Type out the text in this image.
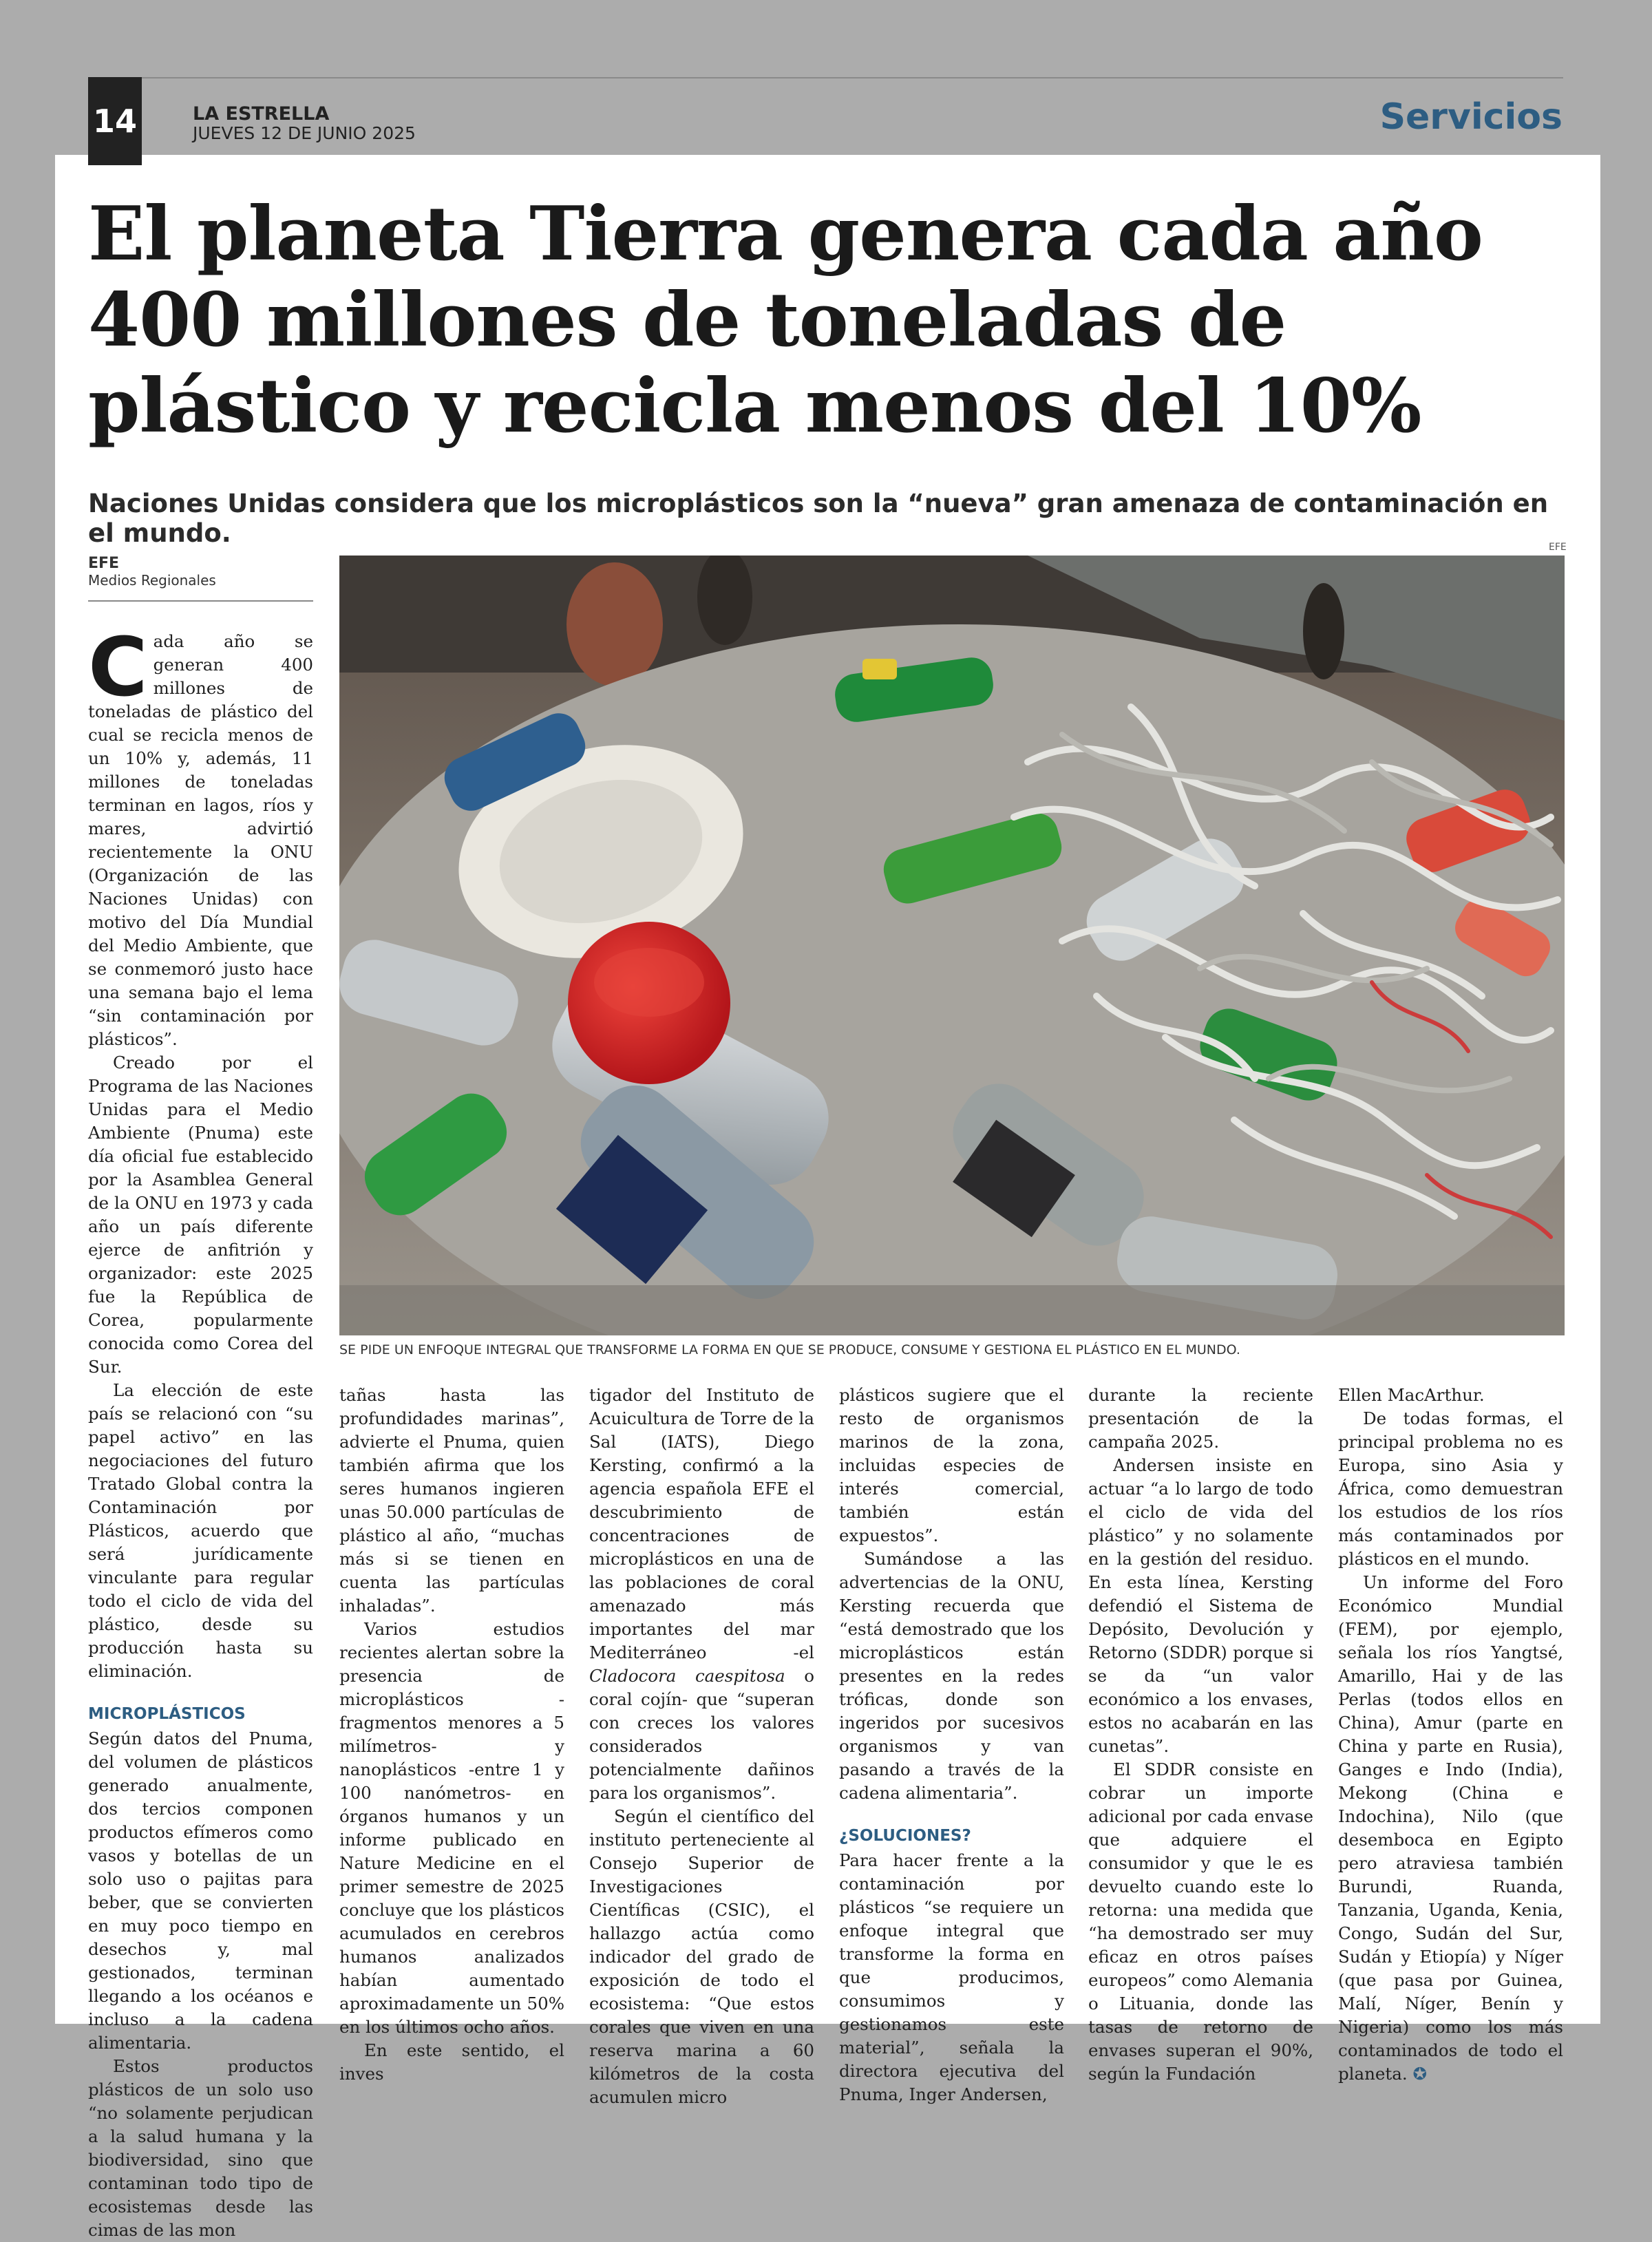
14	LA ESTRELLA
JUEVES 12 DE JUNIO 2025	Servicios
El planeta Tierra genera cada año 400 millones de toneladas de plástico y recicla menos del 10%

Naciones Unidas considera que los microplásticos son la “nueva” gran amenaza de contaminación en el mundo.

EFE
Medios Regionales
EFE

SE PIDE UN ENFOQUE INTEGRAL QUE TRANSFORME LA FORMA EN QUE SE PRODUCE, CONSUME Y GESTIONA EL PLÁSTICO EN EL MUNDO.

Cada año se generan 400 millones de toneladas de plástico del cual se recicla menos de un 10% y, además, 11 millones de toneladas terminan en lagos, ríos y mares, advirtió recientemente la ONU (Organización de las Naciones Unidas) con motivo del Día Mundial del Medio Ambiente, que se conmemoró justo hace una semana bajo el lema “sin contaminación por plásticos”.

Creado por el Programa de las Naciones Unidas para el Medio Ambiente (Pnuma) este día oficial fue establecido por la Asamblea General de la ONU en 1973 y cada año un país diferente ejerce de anfitrión y organizador: este 2025 fue la República de Corea, popularmente conocida como Corea del Sur.

La elección de este país se relacionó con “su papel activo” en las negociaciones del futuro Tratado Global contra la Contaminación por Plásticos, acuerdo que será jurídicamente vinculante para regular todo el ciclo de vida del plástico, desde su producción hasta su eliminación.

MICROPLÁSTICOS

Según datos del Pnuma, del volumen de plásticos generado anualmente, dos tercios componen productos efímeros como vasos y botellas de un solo uso o pajitas para beber, que se convierten en muy poco tiempo en desechos y, mal gestionados, terminan llegando a los océanos e incluso a la cadena alimentaria.

Estos productos plásticos de un solo uso “no solamente perjudican a la salud humana y la biodiversidad, sino que contaminan todo tipo de ecosistemas desde las cimas de las mon

tañas hasta las profundidades marinas”, advierte el Pnuma, quien también afirma que los seres humanos ingieren unas 50.000 partículas de plástico al año, “muchas más si se tienen en cuenta las partículas inhaladas”.

Varios estudios recientes alertan sobre la presencia de microplásticos -fragmentos menores a 5 milímetros- y nanoplásticos -entre 1 y 100 nanómetros- en órganos humanos y un informe publicado en Nature Medicine en el primer semestre de 2025 concluye que los plásticos acumulados en cerebros humanos analizados habían aumentado aproximadamente un 50% en los últimos ocho años.

En este sentido, el inves

tigador del Instituto de Acuicultura de Torre de la Sal (IATS), Diego Kersting, confirmó a la agencia española EFE el descubrimiento de concentraciones de microplásticos en una de las poblaciones de coral amenazado más importantes del mar Mediterráneo -el Cladocora caespitosa o coral cojín- que “superan con creces los valores considerados potencialmente dañinos para los organismos”.

Según el científico del instituto perteneciente al Consejo Superior de Investigaciones Científicas (CSIC), el hallazgo actúa como indicador del grado de exposición de todo el ecosistema: “Que estos corales que viven en una reserva marina a 60 kilómetros de la costa acumulen micro

plásticos sugiere que el resto de organismos marinos de la zona, incluidas especies de interés comercial, también están expuestos”.

Sumándose a las advertencias de la ONU, Kersting recuerda que “está demostrado que los microplásticos están presentes en la redes tróficas, donde son ingeridos por sucesivos organismos y van pasando a través de la cadena alimentaria”.

¿SOLUCIONES?

Para hacer frente a la contaminación por plásticos “se requiere un enfoque integral que transforme la forma en que producimos, consumimos y gestionamos este material”, señala la directora ejecutiva del Pnuma, Inger Andersen,

durante la reciente presentación de la campaña 2025.

Andersen insiste en actuar “a lo largo de todo el ciclo de vida del plástico” y no solamente en la gestión del residuo. En esta línea, Kersting defendió el Sistema de Depósito, Devolución y Retorno (SDDR) porque si se da “un valor económico a los envases, estos no acabarán en las cunetas”.

El SDDR consiste en cobrar un importe adicional por cada envase que adquiere el consumidor y que le es devuelto cuando este lo retorna: una medida que “ha demostrado ser muy eficaz en otros países europeos” como Alemania o Lituania, donde las tasas de retorno de envases superan el 90%, según la Fundación

Ellen MacArthur.

De todas formas, el principal problema no es Europa, sino Asia y África, como demuestran los estudios de los ríos más contaminados por plásticos en el mundo.

Un informe del Foro Económico Mundial (FEM), por ejemplo, señala los ríos Yangtsé, Amarillo, Hai y de las Perlas (todos ellos en China), Amur (parte en China y parte en Rusia), Ganges e Indo (India), Mekong (China e Indochina), Nilo (que desemboca en Egipto pero atraviesa también Burundi, Ruanda, Tanzania, Uganda, Kenia, Congo, Sudán del Sur, Sudán y Etiopía) y Níger (que pasa por Guinea, Malí, Níger, Benín y Nigeria) como los más contaminados de todo el planeta. ✪
